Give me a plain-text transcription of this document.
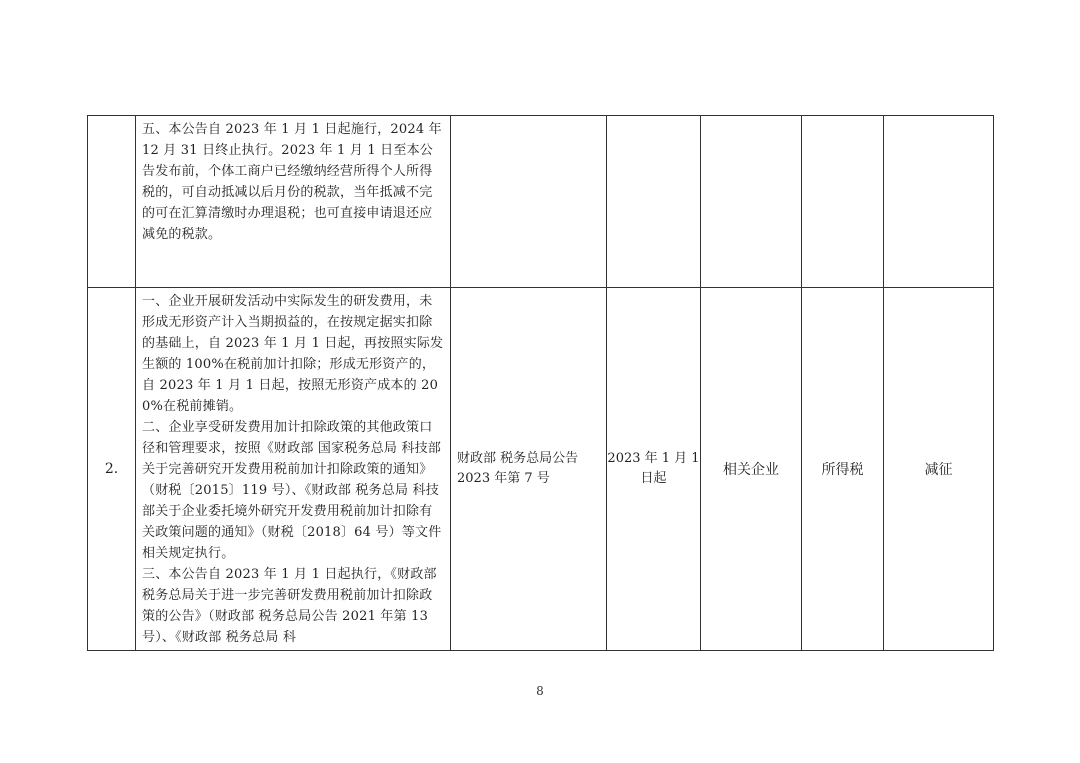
	五、本公告自 2023 年 1 月 1 日起施行，2024 年 12 月 31 日终止执行。2023 年 1 月 1 日至本公告发布前，个体工商户已经缴纳经营所得个人所得税的，可自动抵减以后月份的税款，当年抵减不完的可在汇算清缴时办理退税；也可直接申请退还应减免的税款。					

2.	一、企业开展研发活动中实际发生的研发费用，未形成无形资产计入当期损益的，在按规定据实扣除的基础上，自 2023 年 1 月 1 日起，再按照实际发生额的 100%在税前加计扣除；形成无形资产的，自 2023 年 1 月 1 日起，按照无形资产成本的 200%在税前摊销。

二、企业享受研发费用加计扣除政策的其他政策口径和管理要求，按照《财政部 国家税务总局 科技部关于完善研究开发费用税前加计扣除政策的通知》（财税〔2015〕119 号）、《财政部 税务总局 科技部关于企业委托境外研究开发费用税前加计扣除有关政策问题的通知》（财税〔2018〕64 号）等文件相关规定执行。

三、本公告自 2023 年 1 月 1 日起执行，《财政部 税务总局关于进一步完善研发费用税前加计扣除政策的公告》（财政部 税务总局公告 2021 年第 13 号）、《财政部 税务总局 科	财政部 税务总局公告 2023 年第 7 号	2023 年 1 月 1 日起	相关企业	所得税	减征
8
